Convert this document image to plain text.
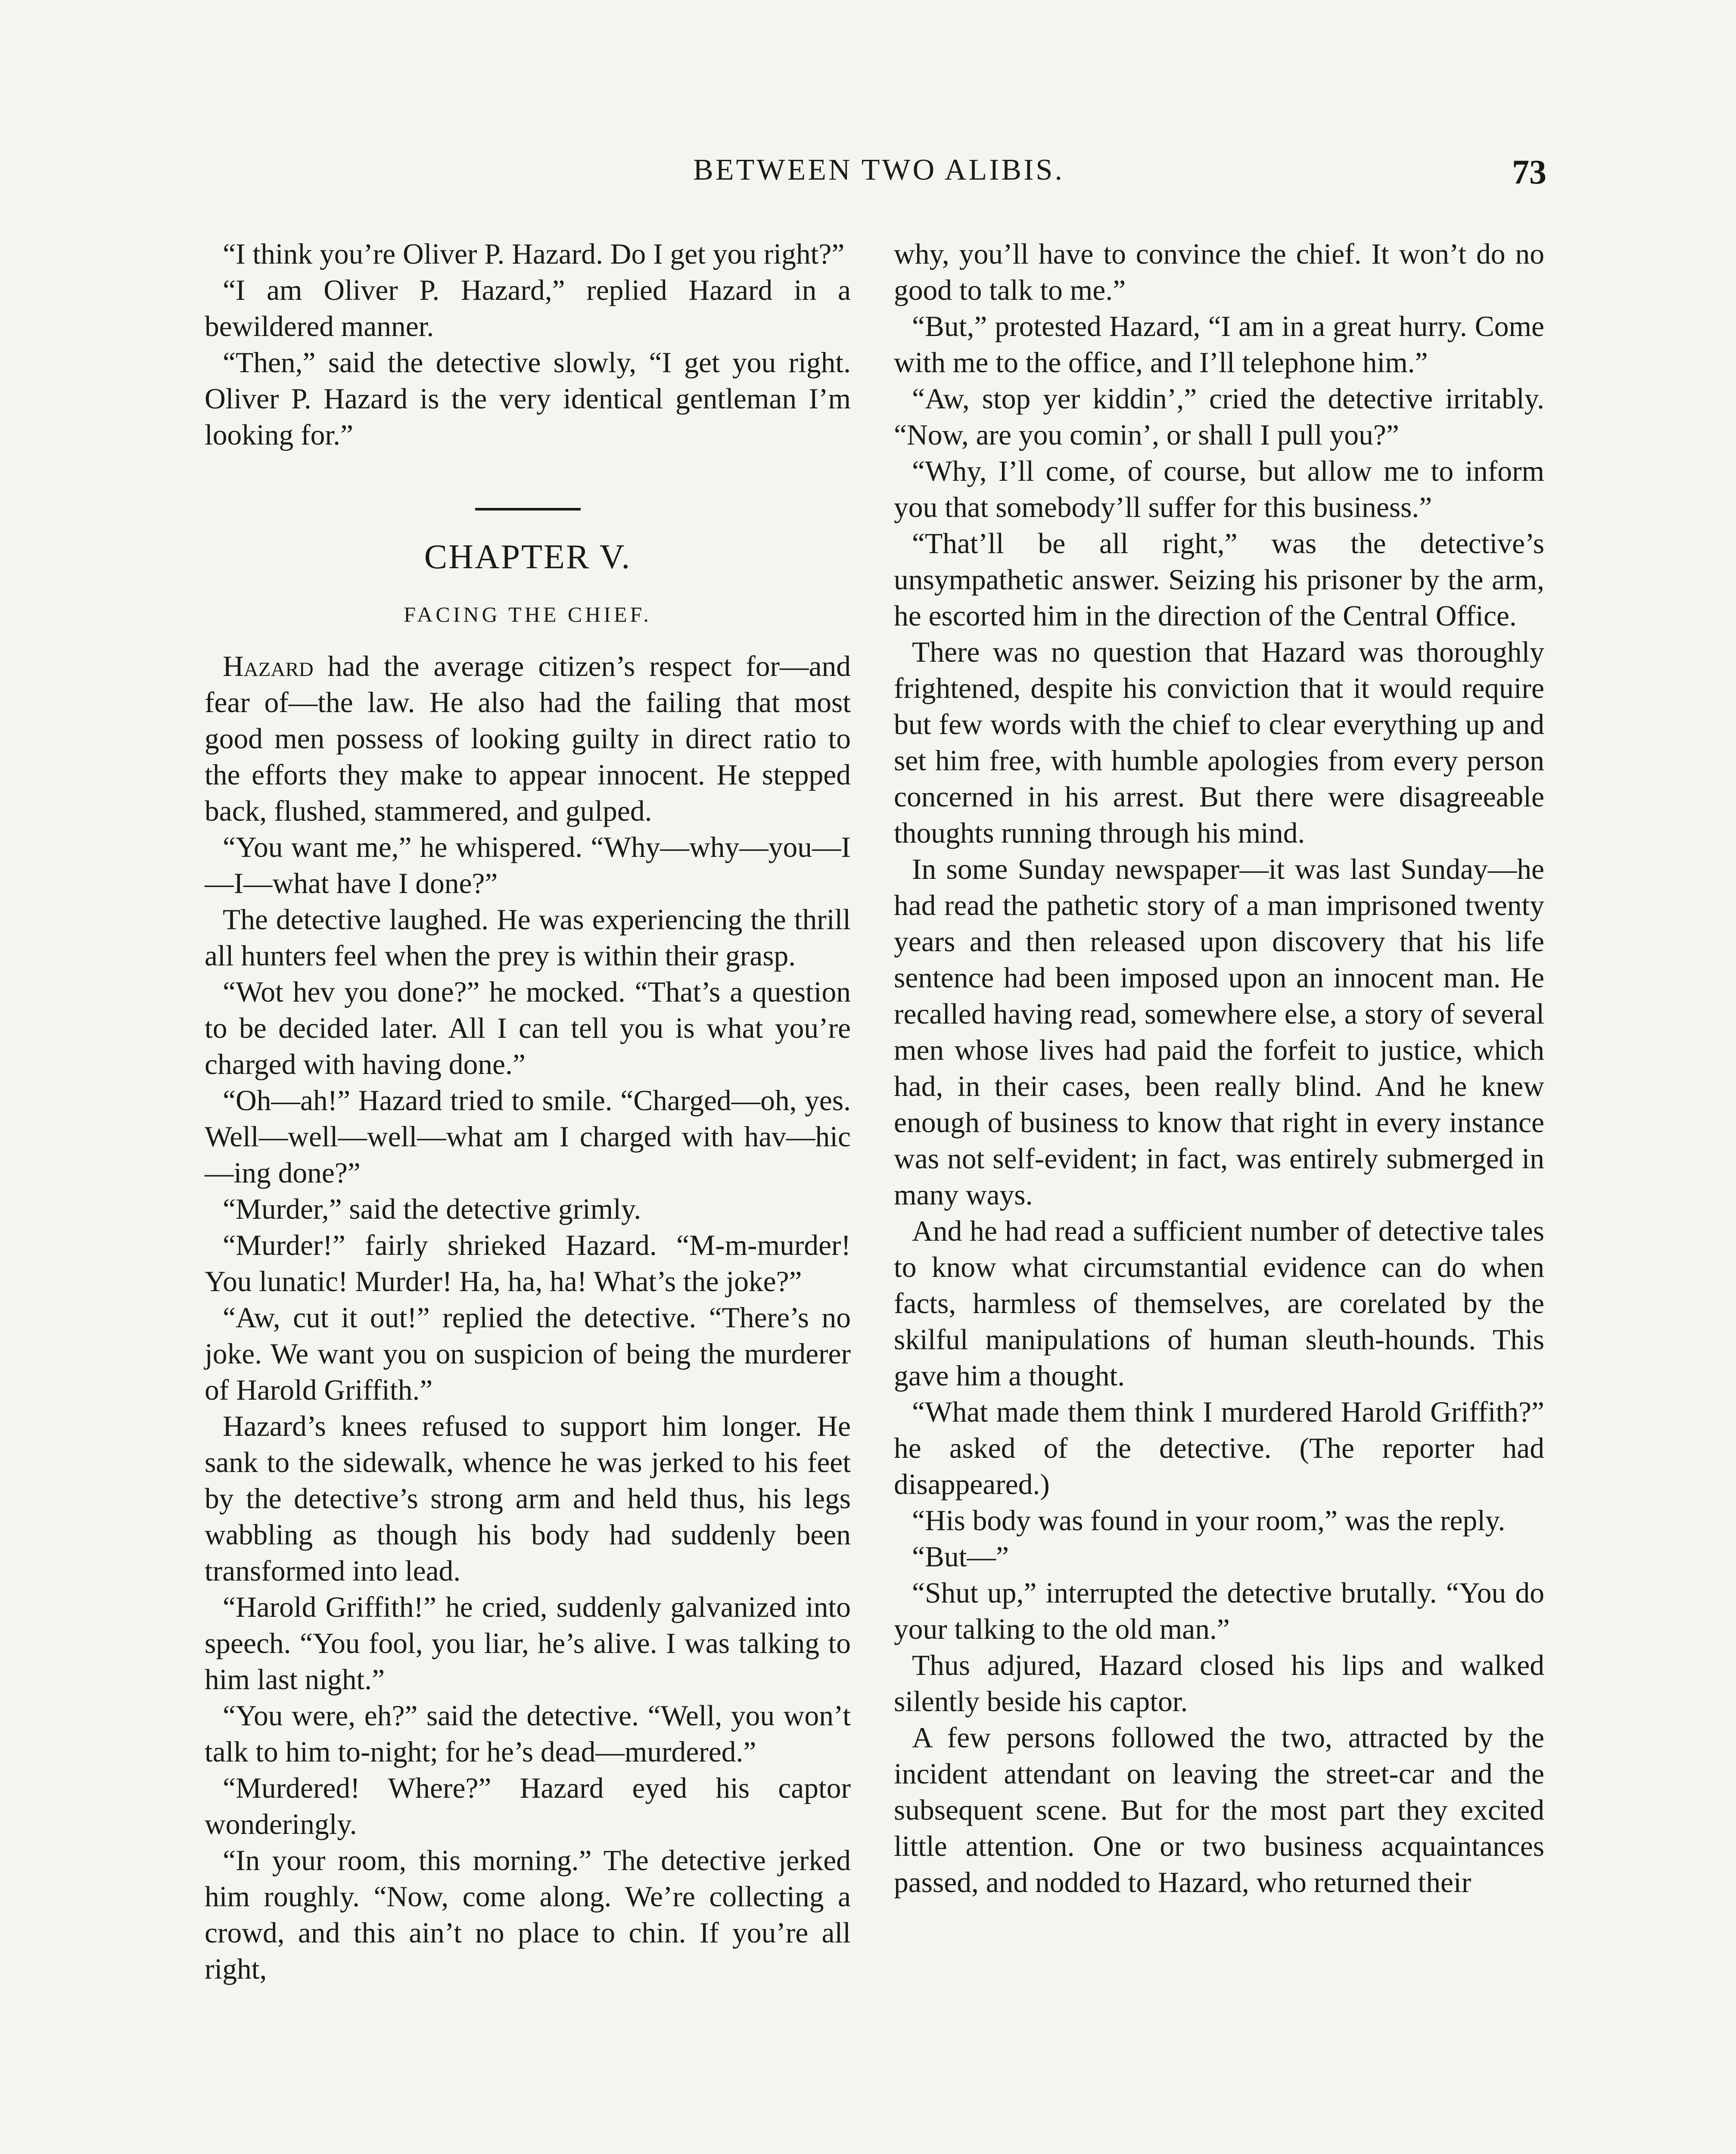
BETWEEN TWO ALIBIS.	73

“I think you’re Oliver P. Hazard. Do I get you right?”

“I am Oliver P. Hazard,” replied Hazard in a bewildered manner.

“Then,” said the detective slowly, “I get you right. Oliver P. Hazard is the very identical gentleman I’m looking for.”

CHAPTER V.
FACING THE CHIEF.

Hazard had the average citizen’s respect for—and fear of—the law. He also had the failing that most good men possess of looking guilty in direct ratio to the efforts they make to appear innocent. He stepped back, flushed, stammered, and gulped.

“You want me,” he whispered. “Why—why—you—I—I—what have I done?”

The detective laughed. He was experiencing the thrill all hunters feel when the prey is within their grasp.

“Wot hev you done?” he mocked. “That’s a question to be decided later. All I can tell you is what you’re charged with having done.”

“Oh—ah!” Hazard tried to smile. “Charged—oh, yes. Well—well—well—what am I charged with hav—hic—ing done?”

“Murder,” said the detective grimly.

“Murder!” fairly shrieked Hazard. “M-m-murder! You lunatic! Murder! Ha, ha, ha! What’s the joke?”

“Aw, cut it out!” replied the detective. “There’s no joke. We want you on suspicion of being the murderer of Harold Griffith.”

Hazard’s knees refused to support him longer. He sank to the sidewalk, whence he was jerked to his feet by the detective’s strong arm and held thus, his legs wabbling as though his body had suddenly been transformed into lead.

“Harold Griffith!” he cried, suddenly galvanized into speech. “You fool, you liar, he’s alive. I was talking to him last night.”

“You were, eh?” said the detective. “Well, you won’t talk to him to-night; for he’s dead—murdered.”

“Murdered! Where?” Hazard eyed his captor wonderingly.

“In your room, this morning.” The detective jerked him roughly. “Now, come along. We’re collecting a crowd, and this ain’t no place to chin. If you’re all right,

why, you’ll have to convince the chief. It won’t do no good to talk to me.”

“But,” protested Hazard, “I am in a great hurry. Come with me to the office, and I’ll telephone him.”

“Aw, stop yer kiddin’,” cried the detective irritably. “Now, are you comin’, or shall I pull you?”

“Why, I’ll come, of course, but allow me to inform you that somebody’ll suffer for this business.”

“That’ll be all right,” was the detective’s unsympathetic answer. Seizing his prisoner by the arm, he escorted him in the direction of the Central Office.

There was no question that Hazard was thoroughly frightened, despite his conviction that it would require but few words with the chief to clear everything up and set him free, with humble apologies from every person concerned in his arrest. But there were disagreeable thoughts running through his mind.

In some Sunday newspaper—it was last Sunday—he had read the pathetic story of a man imprisoned twenty years and then released upon discovery that his life sentence had been imposed upon an innocent man. He recalled having read, somewhere else, a story of several men whose lives had paid the forfeit to justice, which had, in their cases, been really blind. And he knew enough of business to know that right in every instance was not self-evident; in fact, was entirely submerged in many ways.

And he had read a sufficient number of detective tales to know what circumstantial evidence can do when facts, harmless of themselves, are corelated by the skilful manipulations of human sleuth-hounds. This gave him a thought.

“What made them think I murdered Harold Griffith?” he asked of the detective. (The reporter had disappeared.)

“His body was found in your room,” was the reply.

“But—”

“Shut up,” interrupted the detective brutally. “You do your talking to the old man.”

Thus adjured, Hazard closed his lips and walked silently beside his captor.

A few persons followed the two, attracted by the incident attendant on leaving the street-car and the subsequent scene. But for the most part they excited little attention. One or two business acquaintances passed, and nodded to Hazard, who returned their
